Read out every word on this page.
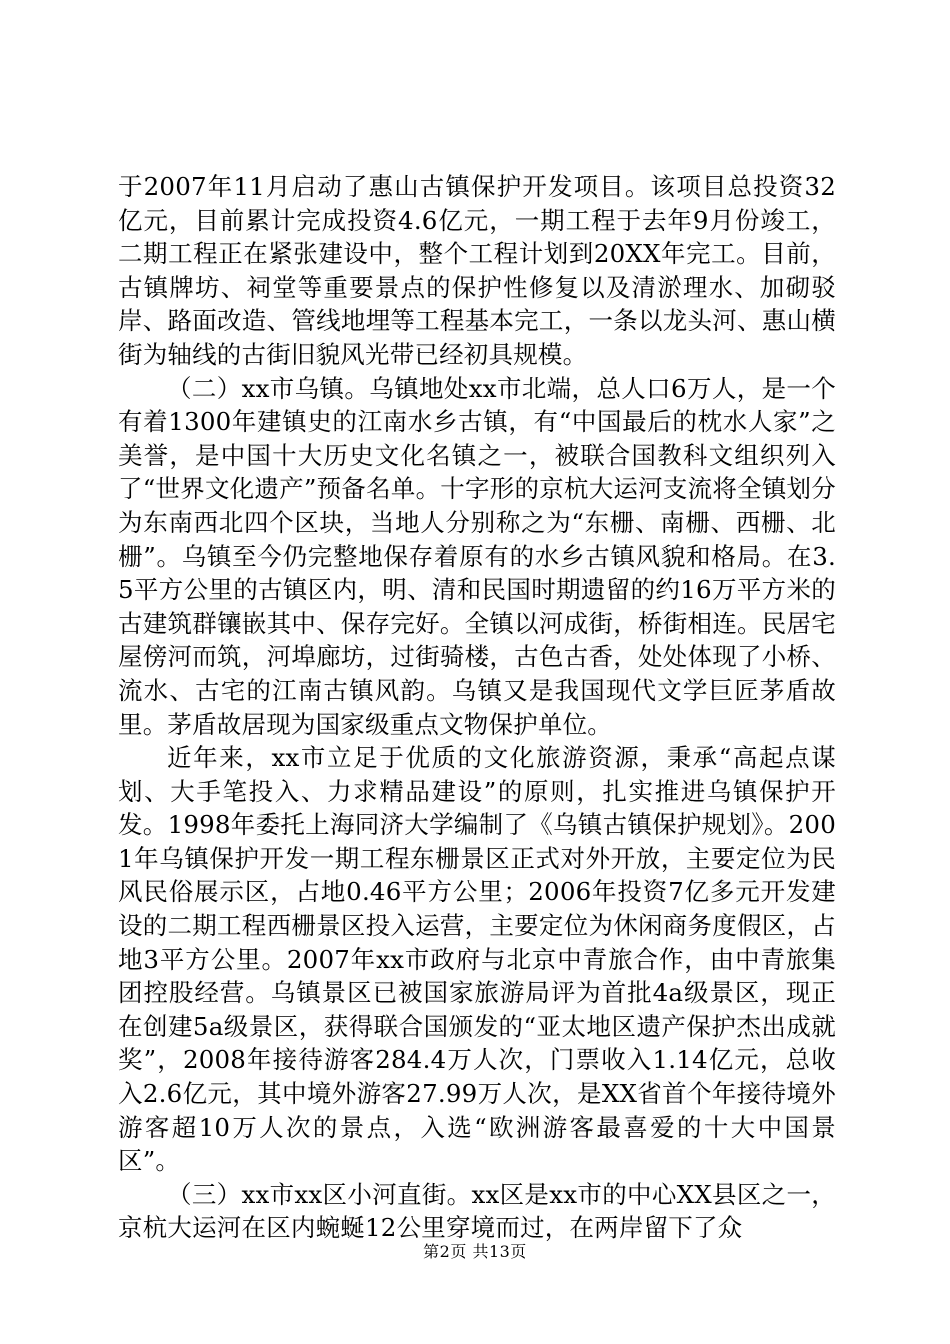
于2007年11月启动了惠山古镇保护开发项目。该项目总投资32亿元，目前累计完成投资4.6亿元，一期工程于去年9月份竣工，二期工程正在紧张建设中，整个工程计划到20XX年完工。目前，古镇牌坊、祠堂等重要景点的保护性修复以及清淤理水、加砌驳岸、路面改造、管线地埋等工程基本完工，一条以龙头河、惠山横街为轴线的古街旧貌风光带已经初具规模。

（二）xx市乌镇。乌镇地处xx市北端，总人口6万人，是一个有着1300年建镇史的江南水乡古镇，有“中国最后的枕水人家”之美誉，是中国十大历史文化名镇之一，被联合国教科文组织列入了“世界文化遗产”预备名单。十字形的京杭大运河支流将全镇划分为东南西北四个区块，当地人分别称之为“东栅、南栅、西栅、北栅”。乌镇至今仍完整地保存着原有的水乡古镇风貌和格局。在3.5平方公里的古镇区内，明、清和民国时期遗留的约16万平方米的古建筑群镶嵌其中、保存完好。全镇以河成街，桥街相连。民居宅屋傍河而筑，河埠廊坊，过街骑楼，古色古香，处处体现了小桥、流水、古宅的江南古镇风韵。乌镇又是我国现代文学巨匠茅盾故里。茅盾故居现为国家级重点文物保护单位。

近年来，xx市立足于优质的文化旅游资源，秉承“高起点谋划、大手笔投入、力求精品建设”的原则，扎实推进乌镇保护开发。1998年委托上海同济大学编制了《乌镇古镇保护规划》。2001年乌镇保护开发一期工程东栅景区正式对外开放，主要定位为民风民俗展示区，占地0.46平方公里；2006年投资7亿多元开发建设的二期工程西栅景区投入运营，主要定位为休闲商务度假区，占地3平方公里。2007年xx市政府与北京中青旅合作，由中青旅集团控股经营。乌镇景区已被国家旅游局评为首批4a级景区，现正在创建5a级景区，获得联合国颁发的“亚太地区遗产保护杰出成就奖”，2008年接待游客284.4万人次，门票收入1.14亿元，总收入2.6亿元，其中境外游客27.99万人次，是XX省首个年接待境外游客超10万人次的景点，入选“欧洲游客最喜爱的十大中国景区”。

（三）xx市xx区小河直街。xx区是xx市的中心XX县区之一，京杭大运河在区内蜿蜒12公里穿境而过，在两岸留下了众

第2页 共13页
